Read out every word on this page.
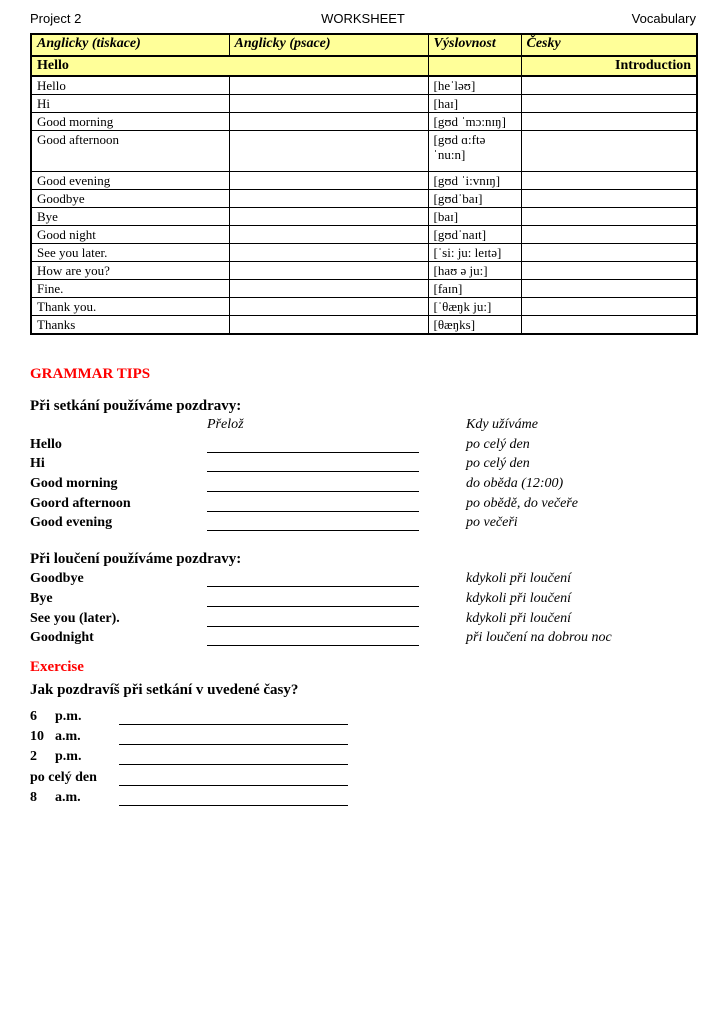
Project 2	WORKSHEET	Vocabulary
Anglicky (tiskace)	Anglicky (psace)	Výslovnost	Česky
Hello			Introduction
Hello		[heˈləʊ]	
Hi		[haɪ]	
Good morning		[gʊd ˈmɔ:nɪŋ]	
Good afternoon		[gʊd ɑ:ftəˈnu:n]	
Good evening		[gʊd ˈi:vnɪŋ]	
Goodbye		[gʊdˈbaɪ]	
Bye		[baɪ]	
Good night		[gʊdˈnaɪt]	
See you later.		[ˈsi: ju: leɪtə]	
How are you?		[haʊ ə ju:]	
Fine.		[faɪn]	
Thank you.		[ˈθæŋk ju:]	
Thanks		[θæŋks]	
GRAMMAR TIPS
Při setkání používáme pozdravy:
Přelož	Kdy užíváme
Hello	po celý den
Hi	po celý den
Good morning	do oběda (12:00)
Goord afternoon	po obědě, do večeře
Good evening	po večeři
Při loučení používáme pozdravy:
Goodbye	kdykoli při loučení
Bye	kdykoli při loučení
See you (later).	kdykoli při loučení
Goodnight	při loučení na dobrou noc
Exercise
Jak pozdravíš při setkání v uvedené časy?
6	p.m.
10 a.m.
2	p.m.
po celý den
8	a.m.
